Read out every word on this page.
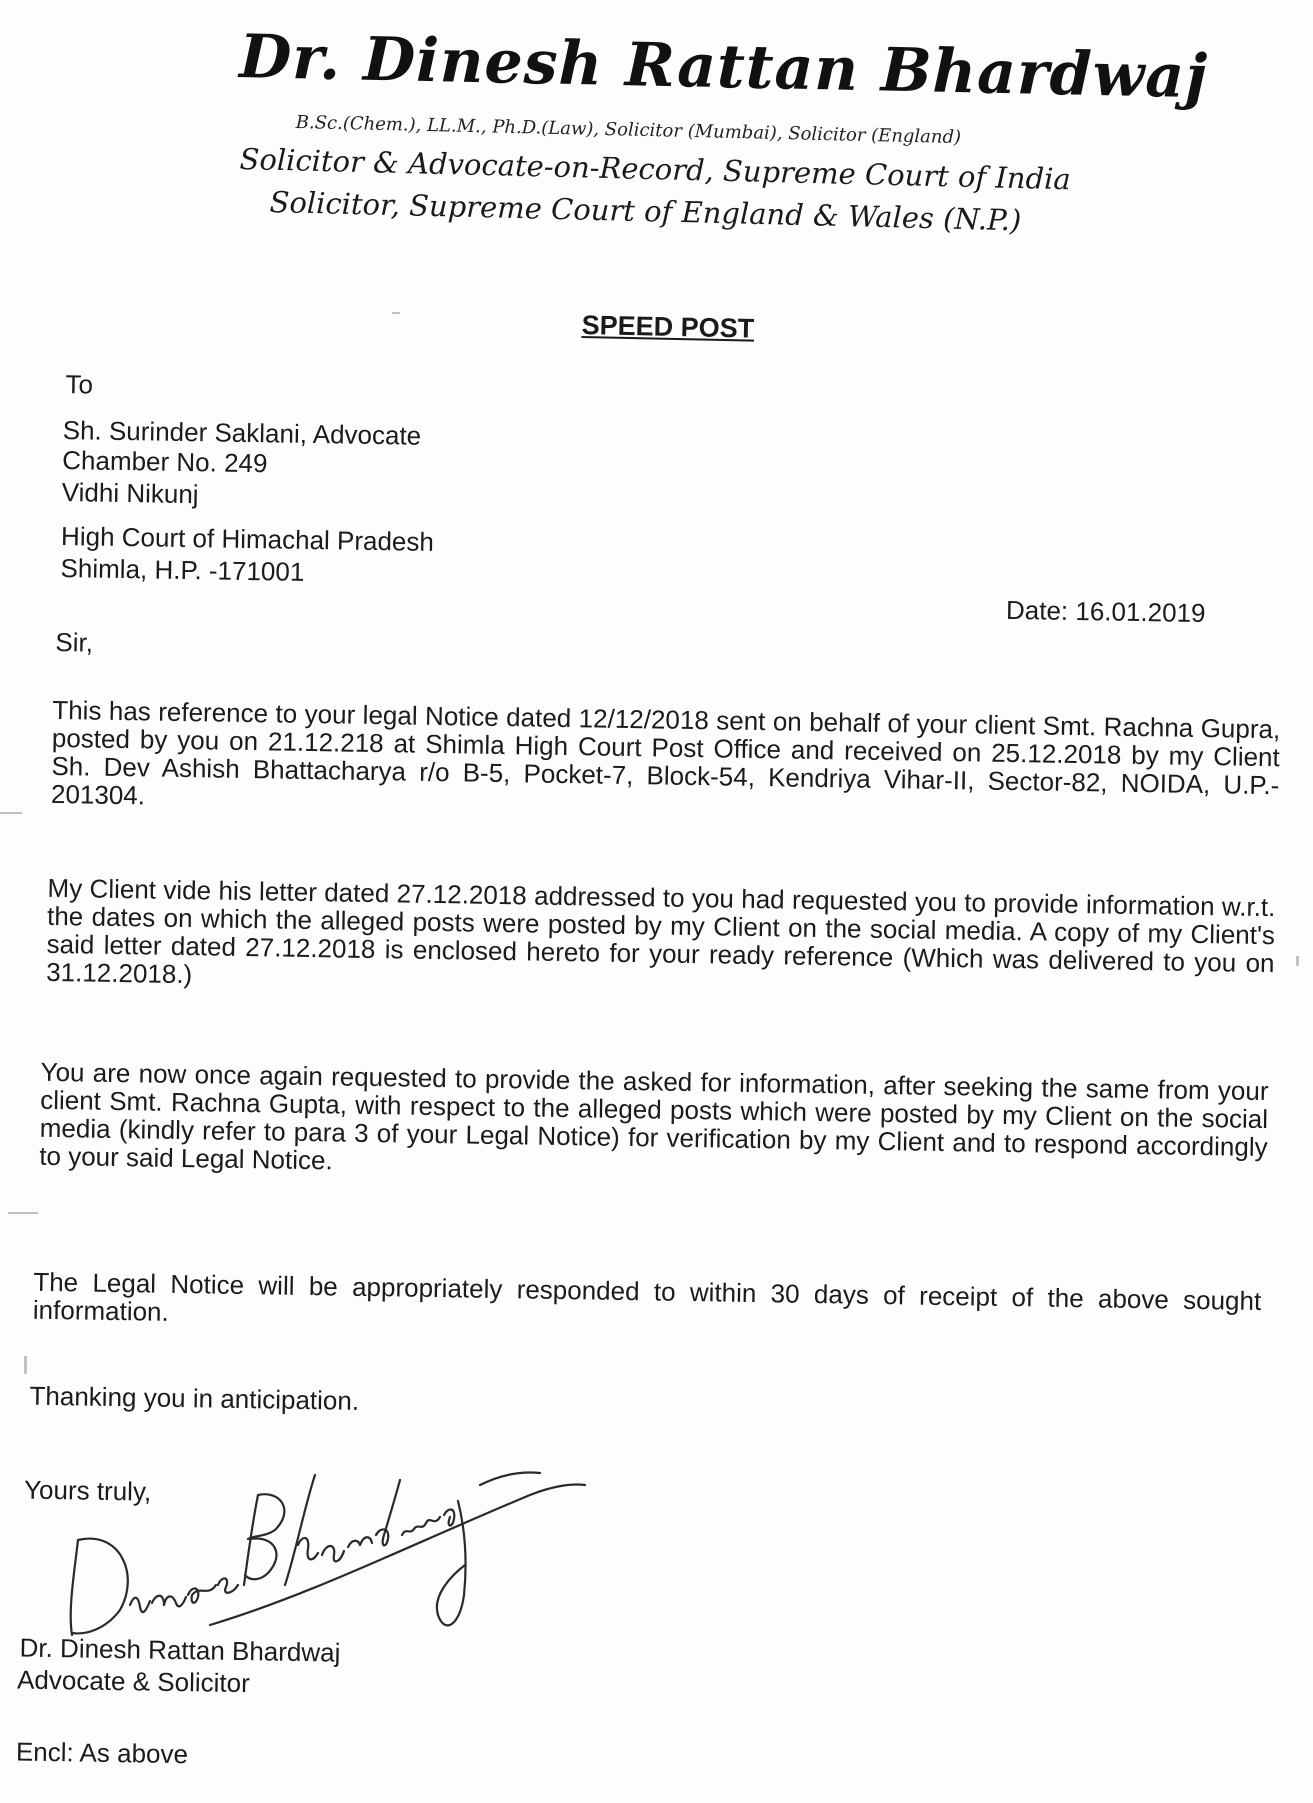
Dr. Dinesh Rattan Bhardwaj
B.Sc.(Chem.), LL.M., Ph.D.(Law), Solicitor (Mumbai), Solicitor (England)
Solicitor & Advocate-on-Record, Supreme Court of India
Solicitor, Supreme Court of England & Wales (N.P.)
SPEED POST
To
Sh. Surinder Saklani, Advocate
Chamber No. 249
Vidhi Nikunj
High Court of Himachal Pradesh
Shimla, H.P. -171001
Date: 16.01.2019
Sir,
This has reference to your legal Notice dated 12/12/2018 sent on behalf of your client Smt. Rachna Gupra, posted by you on 21.12.218 at Shimla High Court Post Office and received on 25.12.2018 by my Client Sh. Dev Ashish Bhattacharya r/o B-5, Pocket-7, Block-54, Kendriya Vihar-II, Sector-82, NOIDA, U.P.- 201304.
My Client vide his letter dated 27.12.2018 addressed to you had requested you to provide information w.r.t. the dates on which the alleged posts were posted by my Client on the social media. A copy of my Client's said letter dated 27.12.2018 is enclosed hereto for your ready reference (Which was delivered to you on 31.12.2018.)
You are now once again requested to provide the asked for information, after seeking the same from your client Smt. Rachna Gupta, with respect to the alleged posts which were posted by my Client on the social media (kindly refer to para 3 of your Legal Notice) for verification by my Client and to respond accordingly to your said Legal Notice.
The Legal Notice will be appropriately responded to within 30 days of receipt of the above sought information.
Thanking you in anticipation.
Yours truly,
Dr. Dinesh Rattan Bhardwaj
Advocate & Solicitor
Encl: As above
